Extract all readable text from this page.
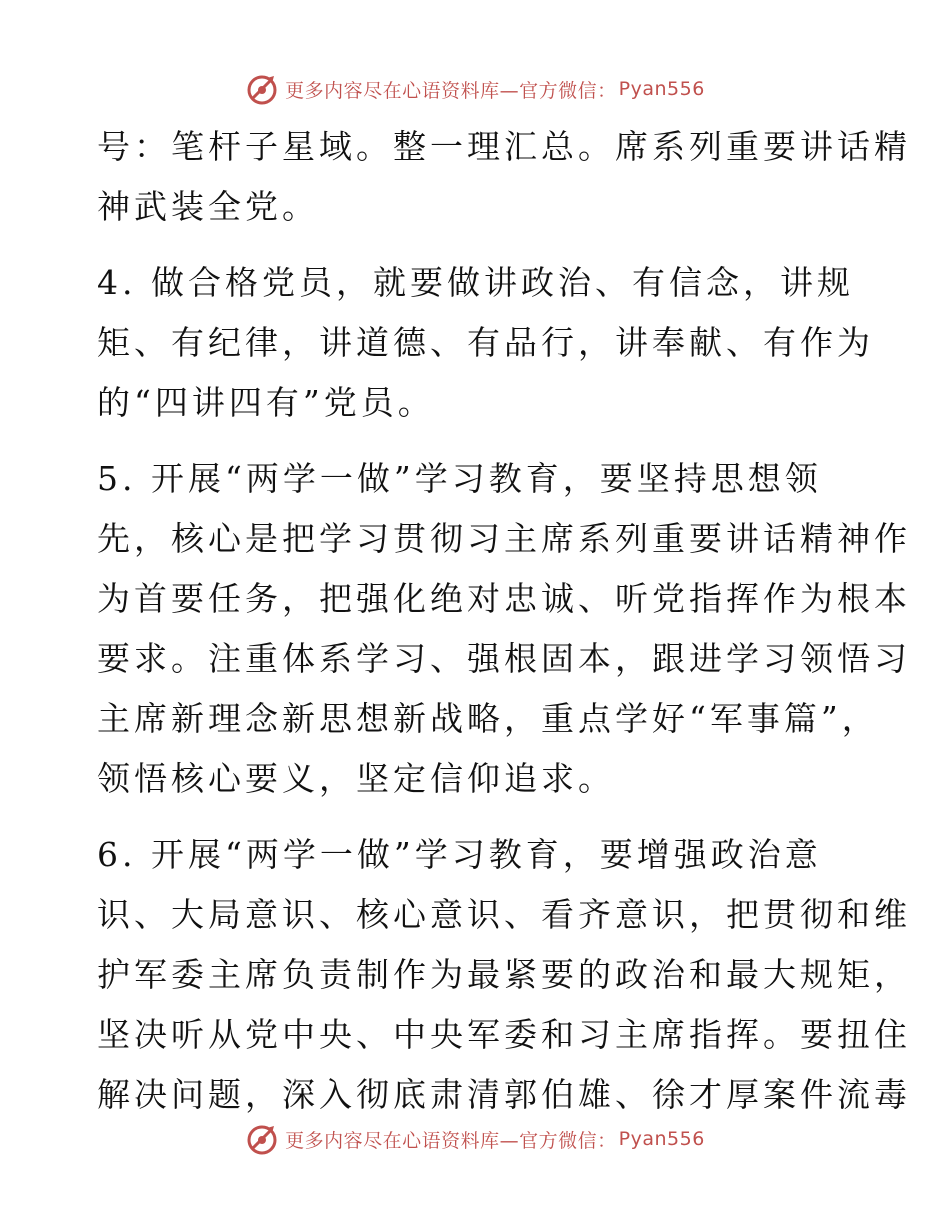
更多内容尽在心语资料库—官方微信： Pyan556

号：笔杆子星域。整一理汇总。席系列重要讲话精
神武装全党。

4. 做合格党员，就要做讲政治、有信念，讲规
矩、有纪律，讲道德、有品行，讲奉献、有作为
的“四讲四有”党员。

5. 开展“两学一做”学习教育，要坚持思想领
先，核心是把学习贯彻习主席系列重要讲话精神作
为首要任务，把强化绝对忠诚、听党指挥作为根本
要求。注重体系学习、强根固本，跟进学习领悟习
主席新理念新思想新战略，重点学好“军事篇”，
领悟核心要义，坚定信仰追求。

6. 开展“两学一做”学习教育，要增强政治意
识、大局意识、核心意识、看齐意识，把贯彻和维
护军委主席负责制作为最紧要的政治和最大规矩，
坚决听从党中央、中央军委和习主席指挥。要扭住
解决问题，深入彻底肃清郭伯雄、徐才厚案件流毒

更多内容尽在心语资料库—官方微信： Pyan556
